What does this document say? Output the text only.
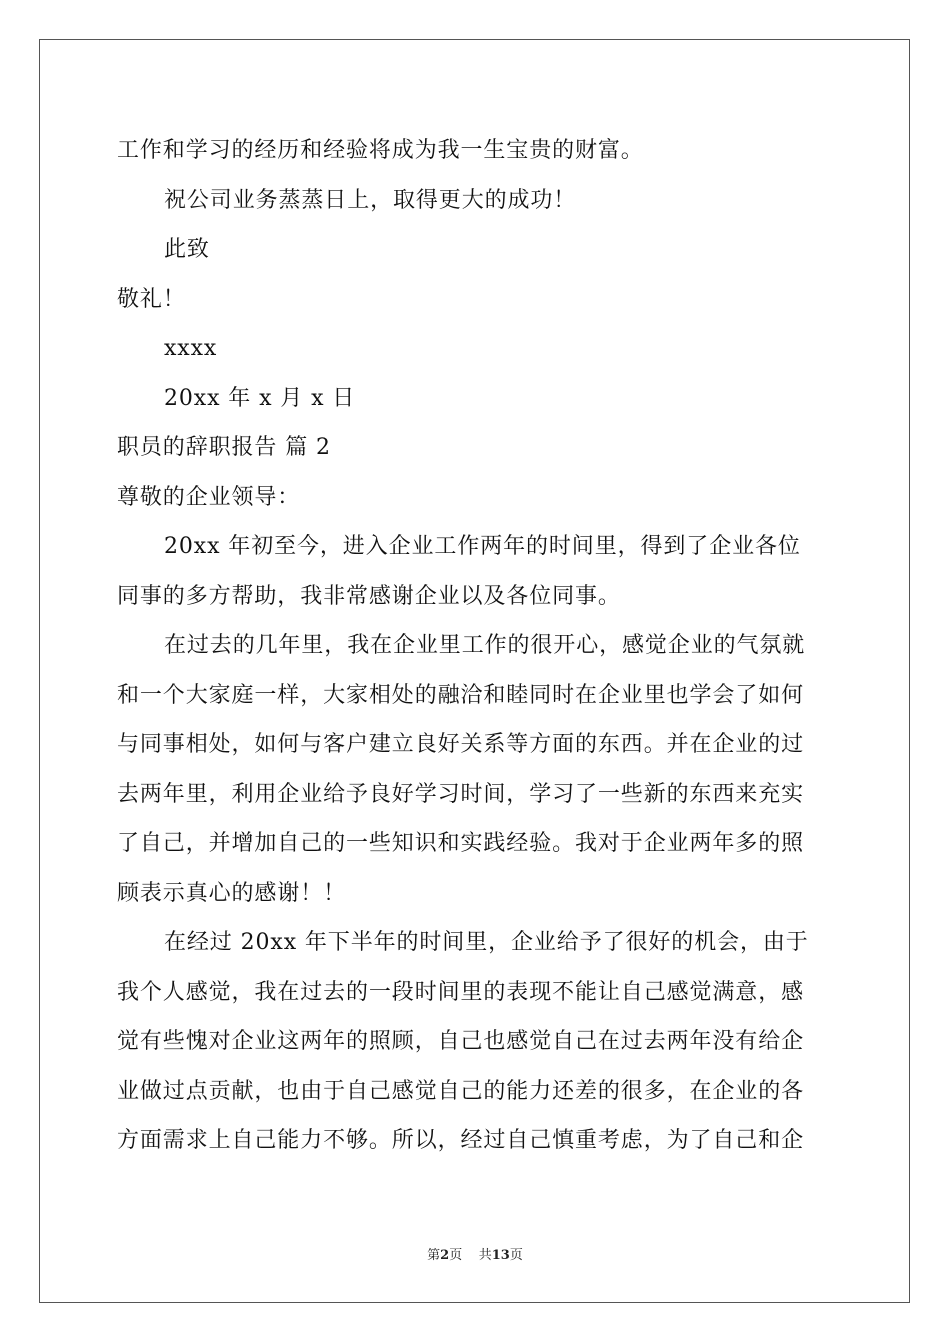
工作和学习的经历和经验将成为我一生宝贵的财富。
祝公司业务蒸蒸日上，取得更大的成功！
此致
敬礼！
xxxx
20xx 年 x 月 x 日
职员的辞职报告 篇 2
尊敬的企业领导：
20xx 年初至今，进入企业工作两年的时间里，得到了企业各位
同事的多方帮助，我非常感谢企业以及各位同事。
在过去的几年里，我在企业里工作的很开心，感觉企业的气氛就
和一个大家庭一样，大家相处的融洽和睦同时在企业里也学会了如何
与同事相处，如何与客户建立良好关系等方面的东西。并在企业的过
去两年里，利用企业给予良好学习时间，学习了一些新的东西来充实
了自己，并增加自己的一些知识和实践经验。我对于企业两年多的照
顾表示真心的感谢！！
在经过 20xx 年下半年的时间里，企业给予了很好的机会，由于
我个人感觉，我在过去的一段时间里的表现不能让自己感觉满意，感
觉有些愧对企业这两年的照顾，自己也感觉自己在过去两年没有给企
业做过点贡献，也由于自己感觉自己的能力还差的很多，在企业的各
方面需求上自己能力不够。所以，经过自己慎重考虑，为了自己和企
第2页 共13页
